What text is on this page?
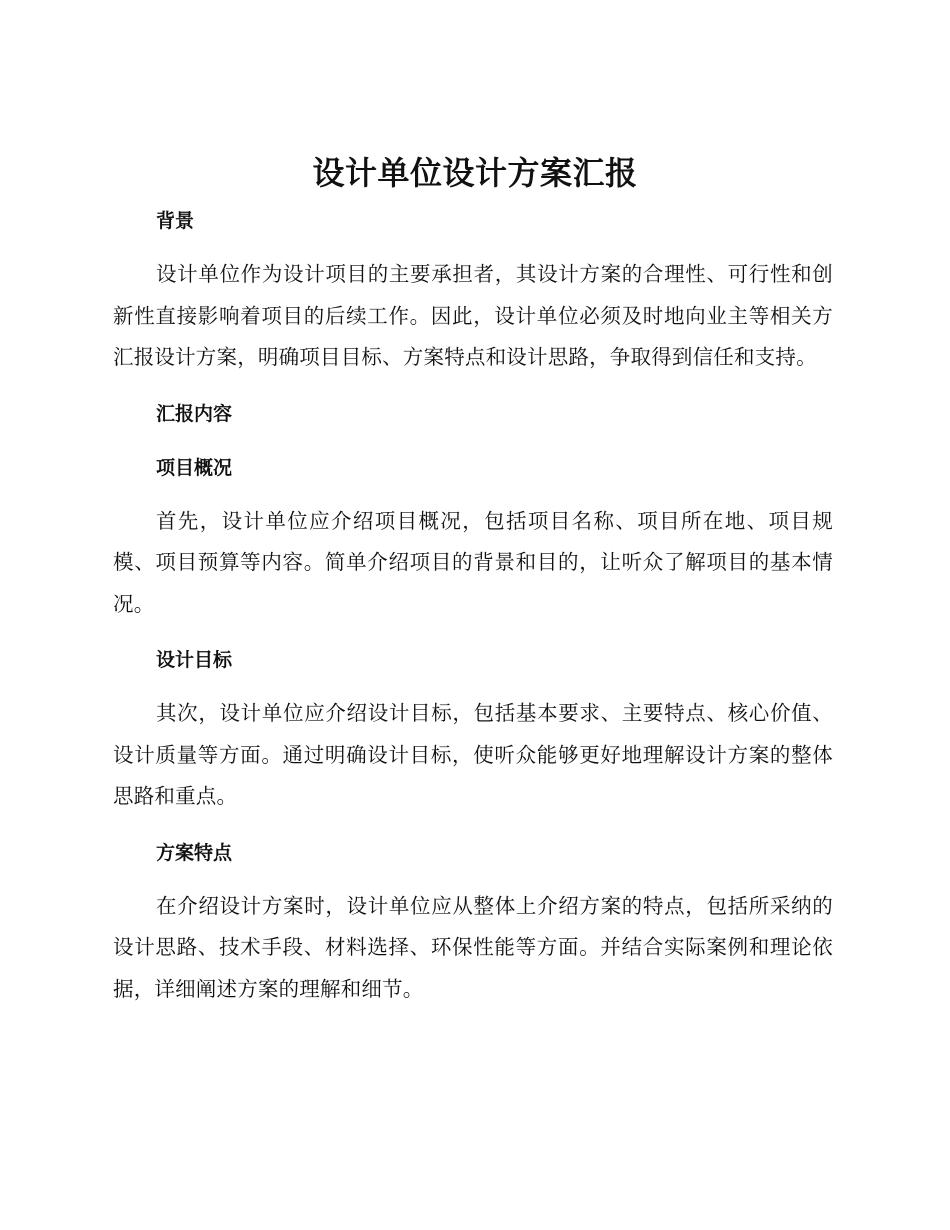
设计单位设计方案汇报
背景

设计单位作为设计项目的主要承担者，其设计方案的合理性、可行性和创新性直接影响着项目的后续工作。因此，设计单位必须及时地向业主等相关方汇报设计方案，明确项目目标、方案特点和设计思路，争取得到信任和支持。

汇报内容
项目概况

首先，设计单位应介绍项目概况，包括项目名称、项目所在地、项目规模、项目预算等内容。简单介绍项目的背景和目的，让听众了解项目的基本情况。

设计目标

其次，设计单位应介绍设计目标，包括基本要求、主要特点、核心价值、设计质量等方面。通过明确设计目标，使听众能够更好地理解设计方案的整体思路和重点。

方案特点

在介绍设计方案时，设计单位应从整体上介绍方案的特点，包括所采纳的设计思路、技术手段、材料选择、环保性能等方面。并结合实际案例和理论依据，详细阐述方案的理解和细节。
